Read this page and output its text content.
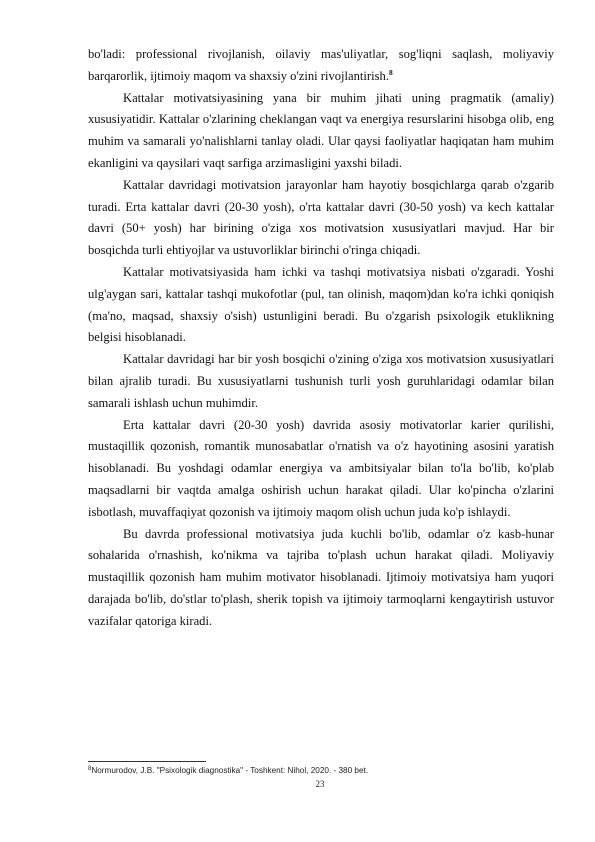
bo'ladi: professional rivojlanish, oilaviy mas'uliyatlar, sog'liqni saqlash, moliyaviy barqarorlik, ijtimoiy maqom va shaxsiy o'zini rivojlantirish.$^8$

Kattalar motivatsiyasining yana bir muhim jihati uning pragmatik (amaliy) xususiyatidir. Kattalar o'zlarining cheklangan vaqt va energiya resurslarini hisobga olib, eng muhim va samarali yo'nalishlarni tanlay oladi. Ular qaysi faoliyatlar haqiqatan ham muhim ekanligini va qaysilari vaqt sarfiga arzimasligini yaxshi biladi.

Kattalar davridagi motivatsion jarayonlar ham hayotiy bosqichlarga qarab o'zgarib turadi. Erta kattalar davri (20-30 yosh), o'rta kattalar davri (30-50 yosh) va kech kattalar davri (50+ yosh) har birining o'ziga xos motivatsion xususiyatlari mavjud. Har bir bosqichda turli ehtiyojlar va ustuvorliklar birinchi o'ringa chiqadi.

Kattalar motivatsiyasida ham ichki va tashqi motivatsiya nisbati o'zgaradi. Yoshi ulg'aygan sari, kattalar tashqi mukofotlar (pul, tan olinish, maqom)dan ko'ra ichki qoniqish (ma'no, maqsad, shaxsiy o'sish) ustunligini beradi. Bu o'zgarish psixologik etuklikning belgisi hisoblanadi.

Kattalar davridagi har bir yosh bosqichi o'zining o'ziga xos motivatsion xususiyatlari bilan ajralib turadi. Bu xususiyatlarni tushunish turli yosh guruhlaridagi odamlar bilan samarali ishlash uchun muhimdir.

Erta kattalar davri (20-30 yosh) davrida asosiy motivatorlar karier qurilishi, mustaqillik qozonish, romantik munosabatlar o'rnatish va o'z hayotining asosini yaratish hisoblanadi. Bu yoshdagi odamlar energiya va ambitsiyalar bilan to'la bo'lib, ko'plab maqsadlarni bir vaqtda amalga oshirish uchun harakat qiladi. Ular ko'pincha o'zlarini isbotlash, muvaffaqiyat qozonish va ijtimoiy maqom olish uchun juda ko'p ishlaydi.

Bu davrda professional motivatsiya juda kuchli bo'lib, odamlar o'z kasb-hunar sohalarida o'rnashish, ko'nikma va tajriba to'plash uchun harakat qiladi. Moliyaviy mustaqillik qozonish ham muhim motivator hisoblanadi. Ijtimoiy motivatsiya ham yuqori darajada bo'lib, do'stlar to'plash, sherik topish va ijtimoiy tarmoqlarni kengaytirish ustuvor vazifalar qatoriga kiradi.

$^8$Normurodov, J.B. "Psixologik diagnostika" - Toshkent: Nihol, 2020. - 380 bet.
23
